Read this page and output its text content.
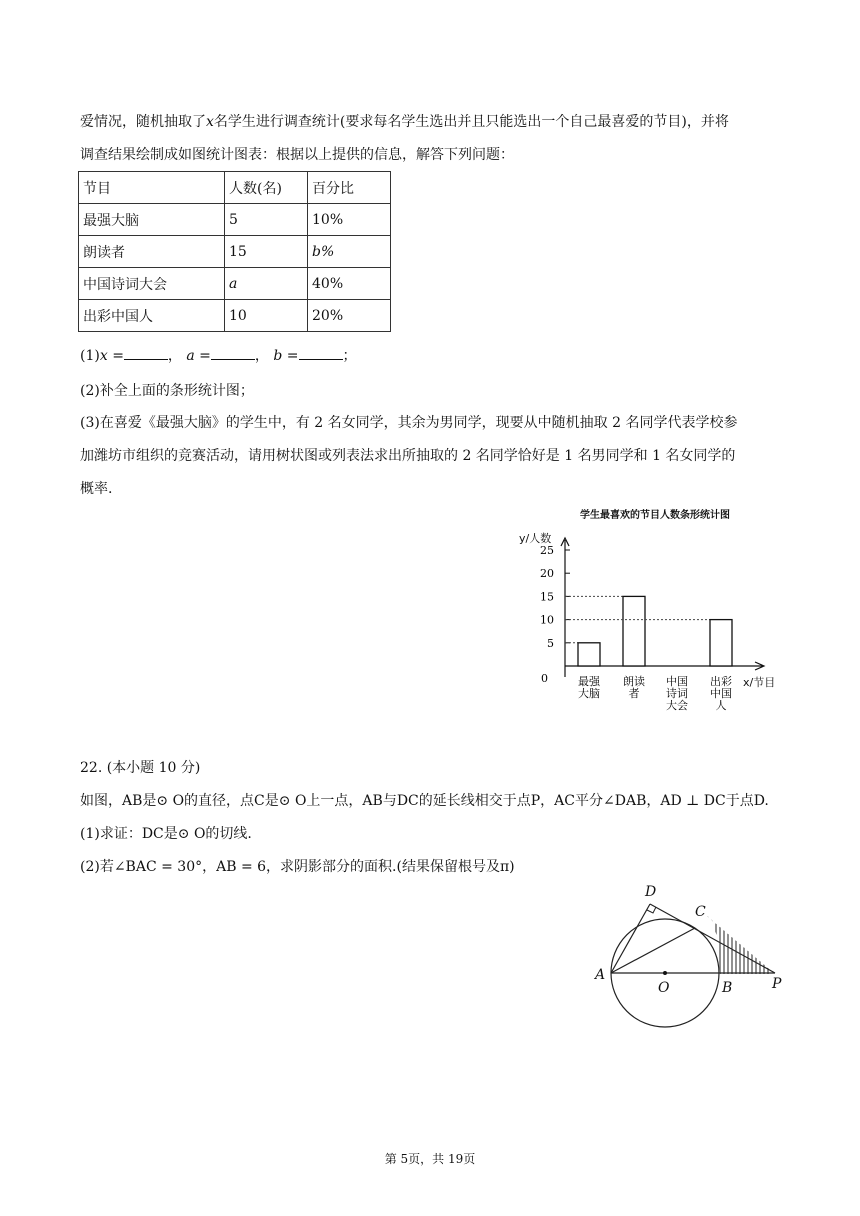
爱情况，随机抽取了x名学生进行调查统计(要求每名学生选出并且只能选出一个自己最喜爱的节目)，并将
调查结果绘制成如图统计图表：根据以上提供的信息，解答下列问题：
节目	人数(名)	百分比
最强大脑	5	10%
朗读者	15	b%
中国诗词大会	a	40%
出彩中国人	10	20%
(1)x =	， a =	， b =	；
(2)补全上面的条形统计图；
(3)在喜爱《最强大脑》的学生中，有 2 名女同学，其余为男同学，现要从中随机抽取 2 名同学代表学校参
加潍坊市组织的竞赛活动，请用树状图或列表法求出所抽取的 2 名同学恰好是 1 名男同学和 1 名女同学的
概率.
学生最喜欢的节目人数条形统计图
y/人数
x/节目
0
5
10
15
20
25
最强
大脑
朗读
者
中国
诗词
大会
出彩
中国
人
22. (本小题 10 分)
如图，AB是⊙ O的直径，点C是⊙ O上一点，AB与DC的延长线相交于点P，AC平分∠DAB，AD ⊥ DC于点D.
(1)求证：DC是⊙ O的切线.
(2)若∠BAC = 30°，AB = 6，求阴影部分的面积.(结果保留根号及π)
D
C
A
O	B	P
第 5页，共 19页
